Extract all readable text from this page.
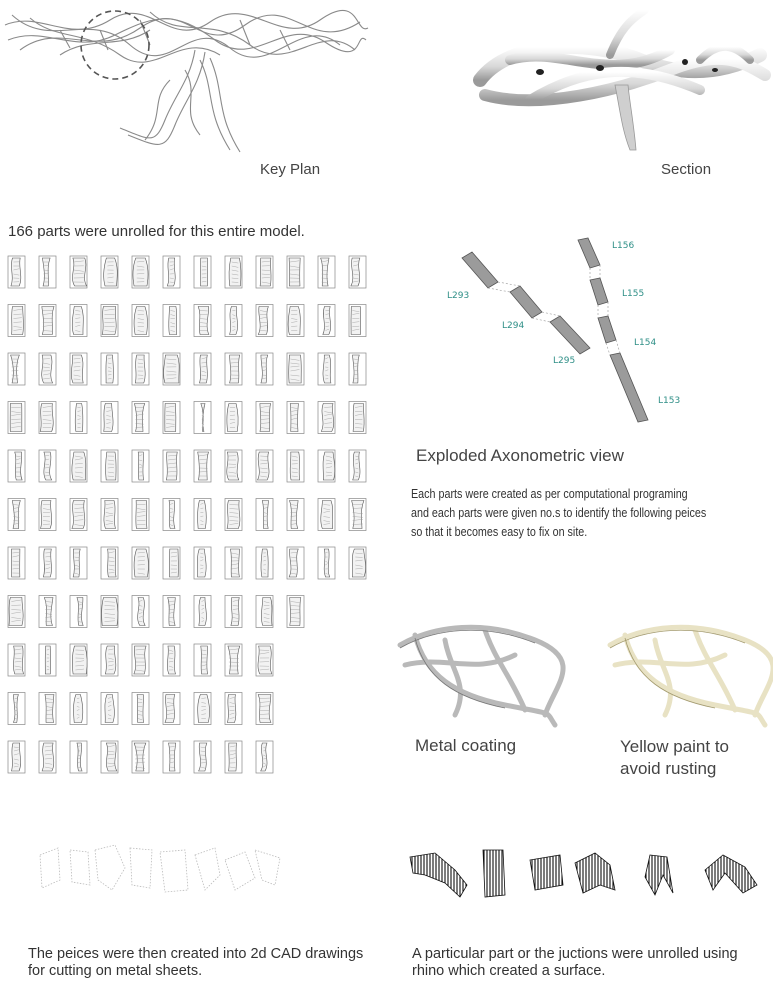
Key Plan	Section
166 parts were unrolled for this entire model.
L156
L155
L154
L153
L293
L294
L295
Exploded Axonometric view
Each parts were created as per computational programing
and each parts were given no.s to identify the following peices
so that it becomes easy to fix on site.
Metal coating	Yellow paint to
avoid rusting
The peices were then created into 2d CAD drawings
for cutting on metal sheets.
A particular part or the juctions were unrolled using
rhino which created a surface.
